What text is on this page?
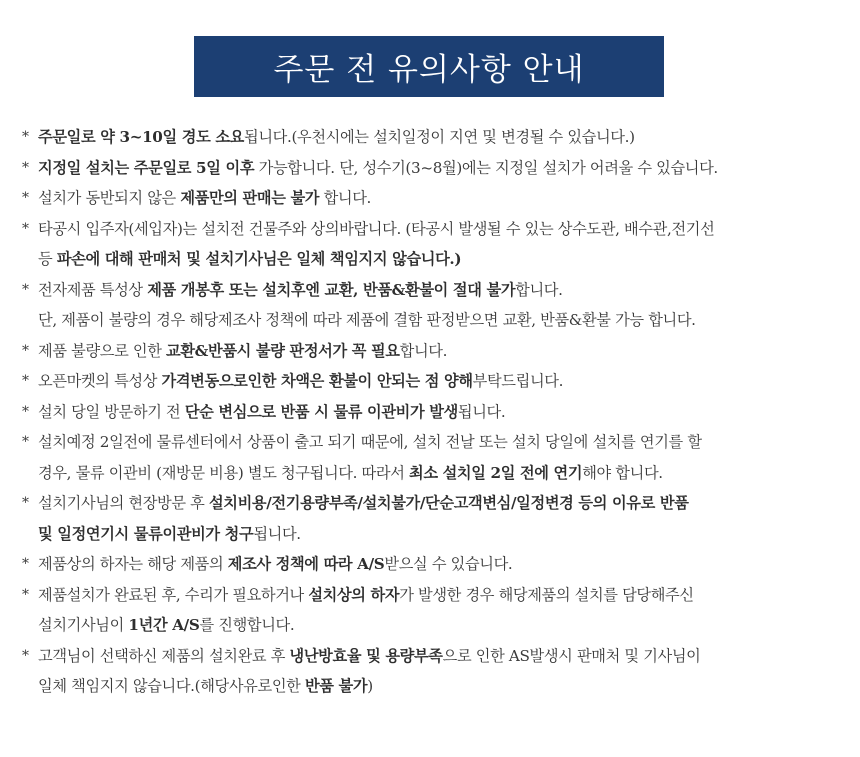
주문 전 유의사항 안내
* 주문일로 약 3~10일 경도 소요됩니다.(우천시에는 설치일정이 지연 및 변경될 수 있습니다.)
* 지정일 설치는 주문일로 5일 이후 가능합니다. 단, 성수기(3~8월)에는 지정일 설치가 어려울 수 있습니다.
* 설치가 동반되지 않은 제품만의 판매는 불가 합니다.
* 타공시 입주자(세입자)는 설치전 건물주와 상의바랍니다. (타공시 발생될 수 있는 상수도관, 배수관,전기선
등 파손에 대해 판매처 및 설치기사님은 일체 책임지지 않습니다.)
* 전자제품 특성상 제품 개봉후 또는 설치후엔 교환, 반품&환불이 절대 불가합니다.
단, 제품이 불량의 경우 해당제조사 정책에 따라 제품에 결함 판정받으면 교환, 반품&환불 가능 합니다.
* 제품 불량으로 인한 교환&반품시 불량 판정서가 꼭 필요합니다.
* 오픈마켓의 특성상 가격변동으로인한 차액은 환불이 안되는 점 양해부탁드립니다.
* 설치 당일 방문하기 전 단순 변심으로 반품 시 물류 이관비가 발생됩니다.
* 설치예정 2일전에 물류센터에서 상품이 출고 되기 때문에, 설치 전날 또는 설치 당일에 설치를 연기를 할
경우, 물류 이관비 (재방문 비용) 별도 청구됩니다. 따라서 최소 설치일 2일 전에 연기해야 합니다.
* 설치기사님의 현장방문 후 설치비용/전기용량부족/설치불가/단순고객변심/일정변경 등의 이유로 반품
및 일정연기시 물류이관비가 청구됩니다.
* 제품상의 하자는 해당 제품의 제조사 정책에 따라 A/S받으실 수 있습니다.
* 제품설치가 완료된 후, 수리가 필요하거나 설치상의 하자가 발생한 경우 해당제품의 설치를 담당해주신
설치기사님이 1년간 A/S를 진행합니다.
* 고객님이 선택하신 제품의 설치완료 후 냉난방효율 및 용량부족으로 인한 AS발생시 판매처 및 기사님이
일체 책임지지 않습니다.(해당사유로인한 반품 불가)
